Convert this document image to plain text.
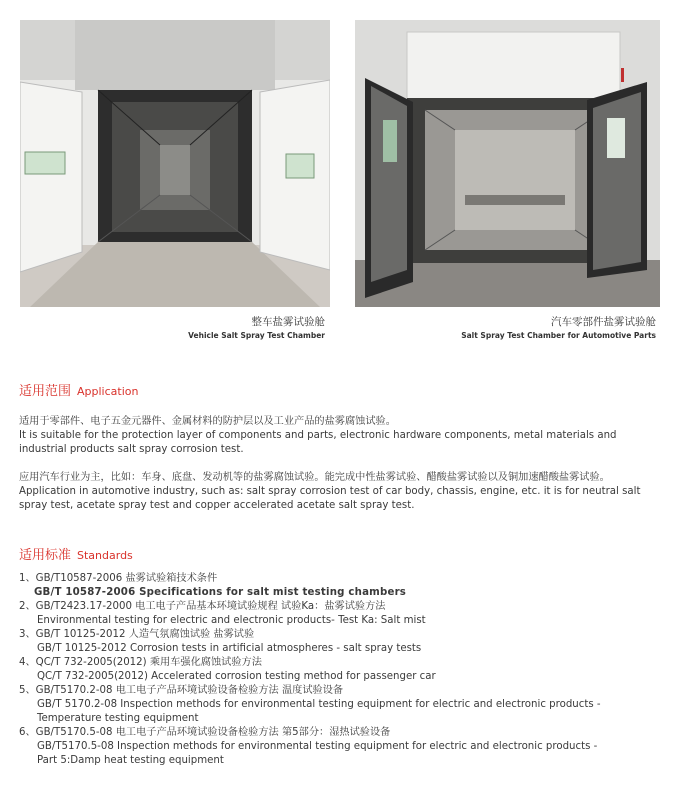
整车盐雾试验舱
Vehicle Salt Spray Test Chamber
汽车零部件盐雾试验舱
Salt Spray Test Chamber for Automotive Parts
适用范围 Application
适用于零部件、电子五金元器件、金属材料的防护层以及工业产品的盐雾腐蚀试验。
It is suitable for the protection layer of components and parts, electronic hardware components, metal materials and
industrial products salt spray corrosion test.
应用汽车行业为主，比如：车身、底盘、发动机等的盐雾腐蚀试验。能完成中性盐雾试验、醋酸盐雾试验以及铜加速醋酸盐雾试验。
Application in automotive industry, such as: salt spray corrosion test of car body, chassis, engine, etc. it is for neutral salt
spray test, acetate spray test and copper accelerated acetate salt spray test.
适用标准 Standards
1、GB/T10587-2006 盐雾试验箱技术条件
GB/T 10587-2006 Specifications for salt mist testing chambers
2、GB/T2423.17-2000 电工电子产品基本环境试验规程 试验Ka：盐雾试验方法
Environmental testing for electric and electronic products- Test Ka: Salt mist
3、GB/T 10125-2012 人造气氛腐蚀试验 盐雾试验
GB/T 10125-2012 Corrosion tests in artificial atmospheres - salt spray tests
4、QC/T 732-2005(2012) 乘用车强化腐蚀试验方法
QC/T 732-2005(2012) Accelerated corrosion testing method for passenger car
5、GB/T5170.2-08 电工电子产品环境试验设备检验方法 温度试验设备
GB/T 5170.2-08 Inspection methods for environmental testing equipment for electric and electronic products -
Temperature testing equipment
6、GB/T5170.5-08 电工电子产品环境试验设备检验方法 第5部分：湿热试验设备
GB/T5170.5-08 Inspection methods for environmental testing equipment for electric and electronic products -
Part 5:Damp heat testing equipment
